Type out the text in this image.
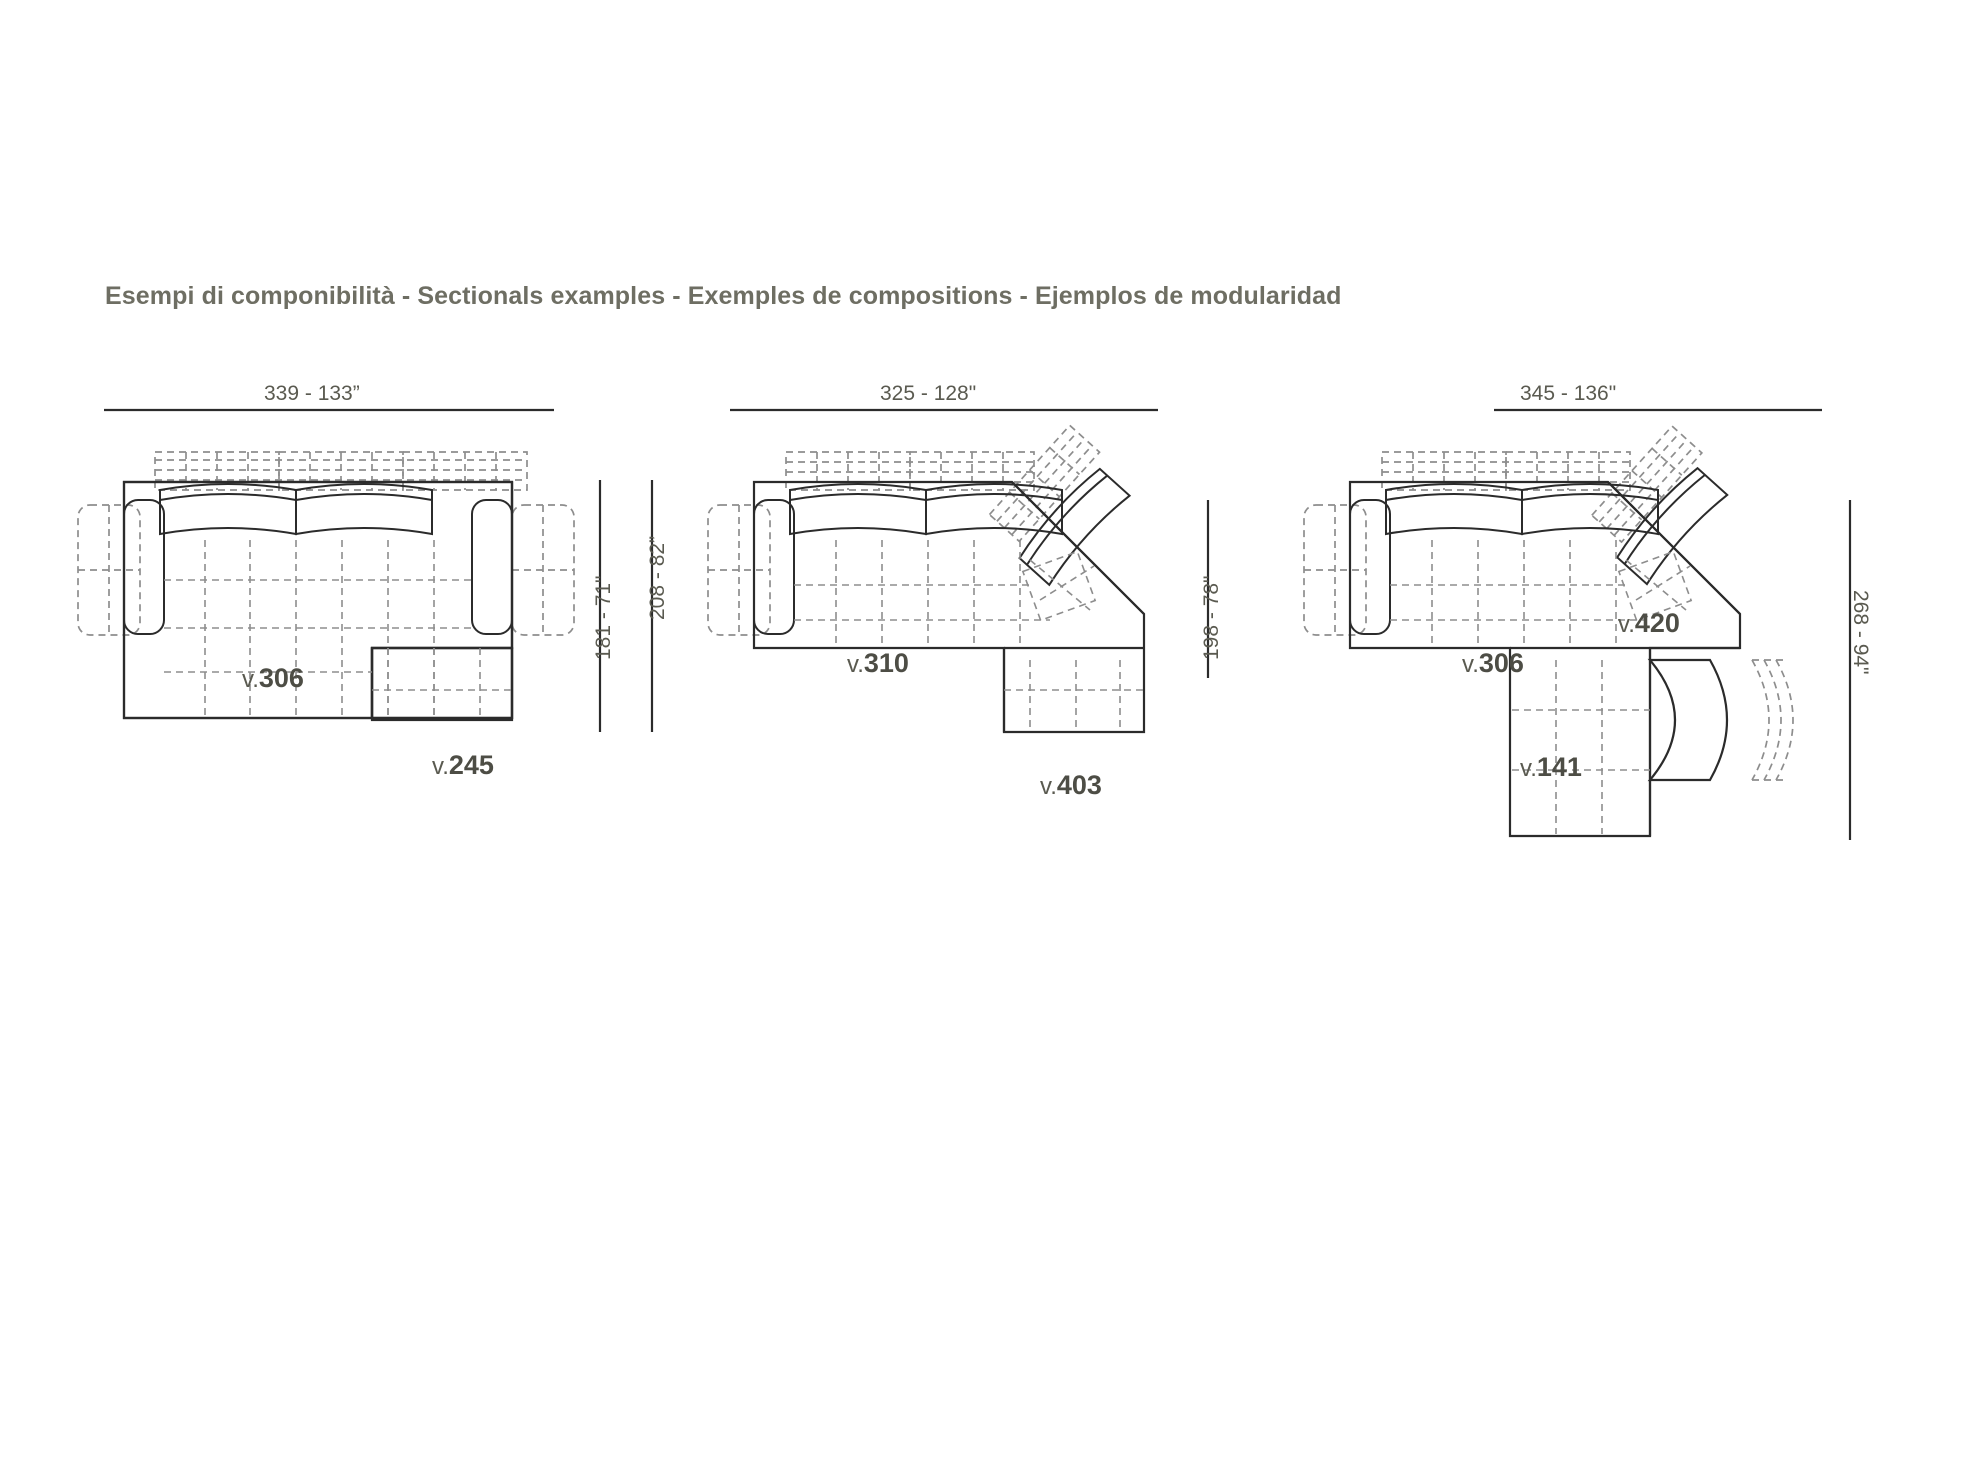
Esempi di componibilità - Sectionals examples - Exemples de compositions - Ejemplos de modularidad
339 - 133”
181 - 71" 208 - 82”
325 - 128"
198 - 78"
345 - 136"
268 - 94"
v.306
v.245
v.310
v.403
v.306
v.420
v.141
